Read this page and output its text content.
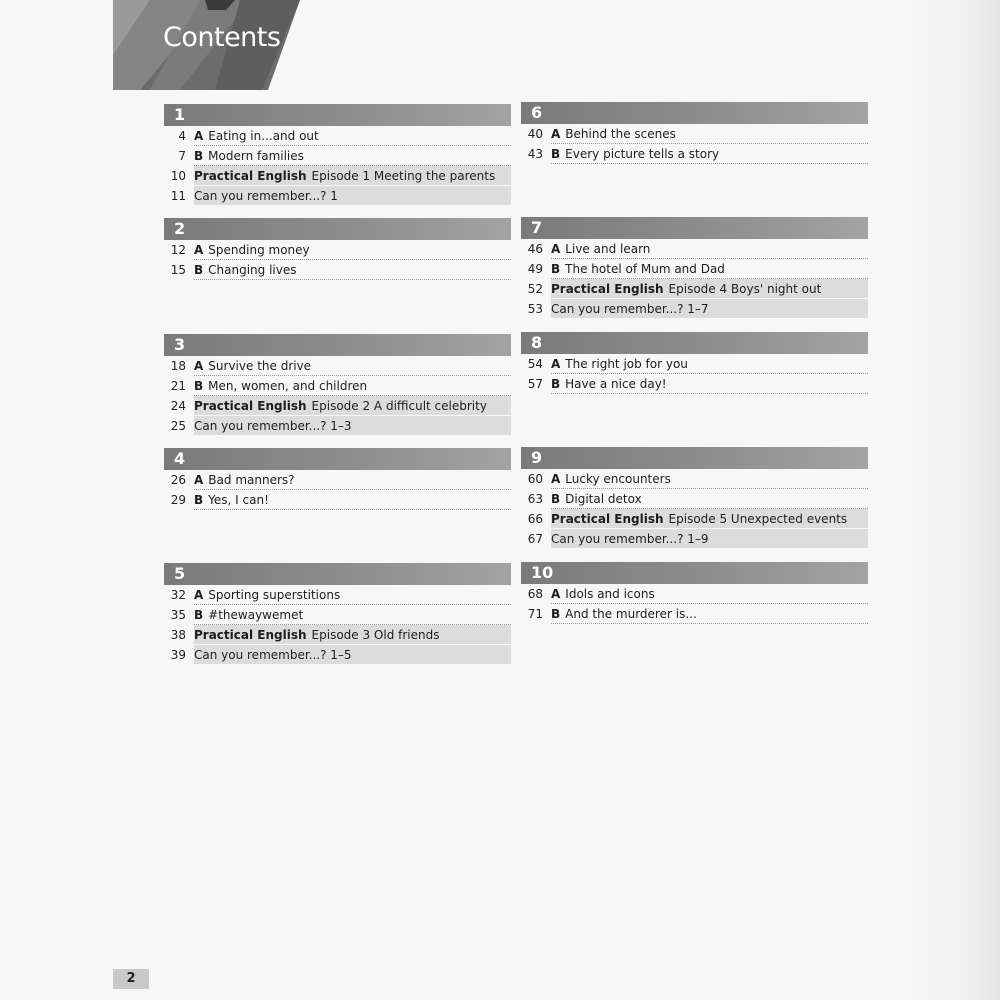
Contents
1
4 A Eating in...and out
7 B Modern families
10 Practical English Episode 1 Meeting the parents
11 Can you remember...? 1
2
12 A Spending money
15 B Changing lives
3
18 A Survive the drive
21 B Men, women, and children
24 Practical English Episode 2 A difficult celebrity
25 Can you remember...? 1–3
4
26 A Bad manners?
29 B Yes, I can!
5
32 A Sporting superstitions
35 B #thewaywemet
38 Practical English Episode 3 Old friends
39 Can you remember...? 1–5
6
40 A Behind the scenes
43 B Every picture tells a story
7
46 A Live and learn
49 B The hotel of Mum and Dad
52 Practical English Episode 4 Boys' night out
53 Can you remember...? 1–7
8
54 A The right job for you
57 B Have a nice day!
9
60 A Lucky encounters
63 B Digital detox
66 Practical English Episode 5 Unexpected events
67 Can you remember...? 1–9
10
68 A Idols and icons
71 B And the murderer is...
2
